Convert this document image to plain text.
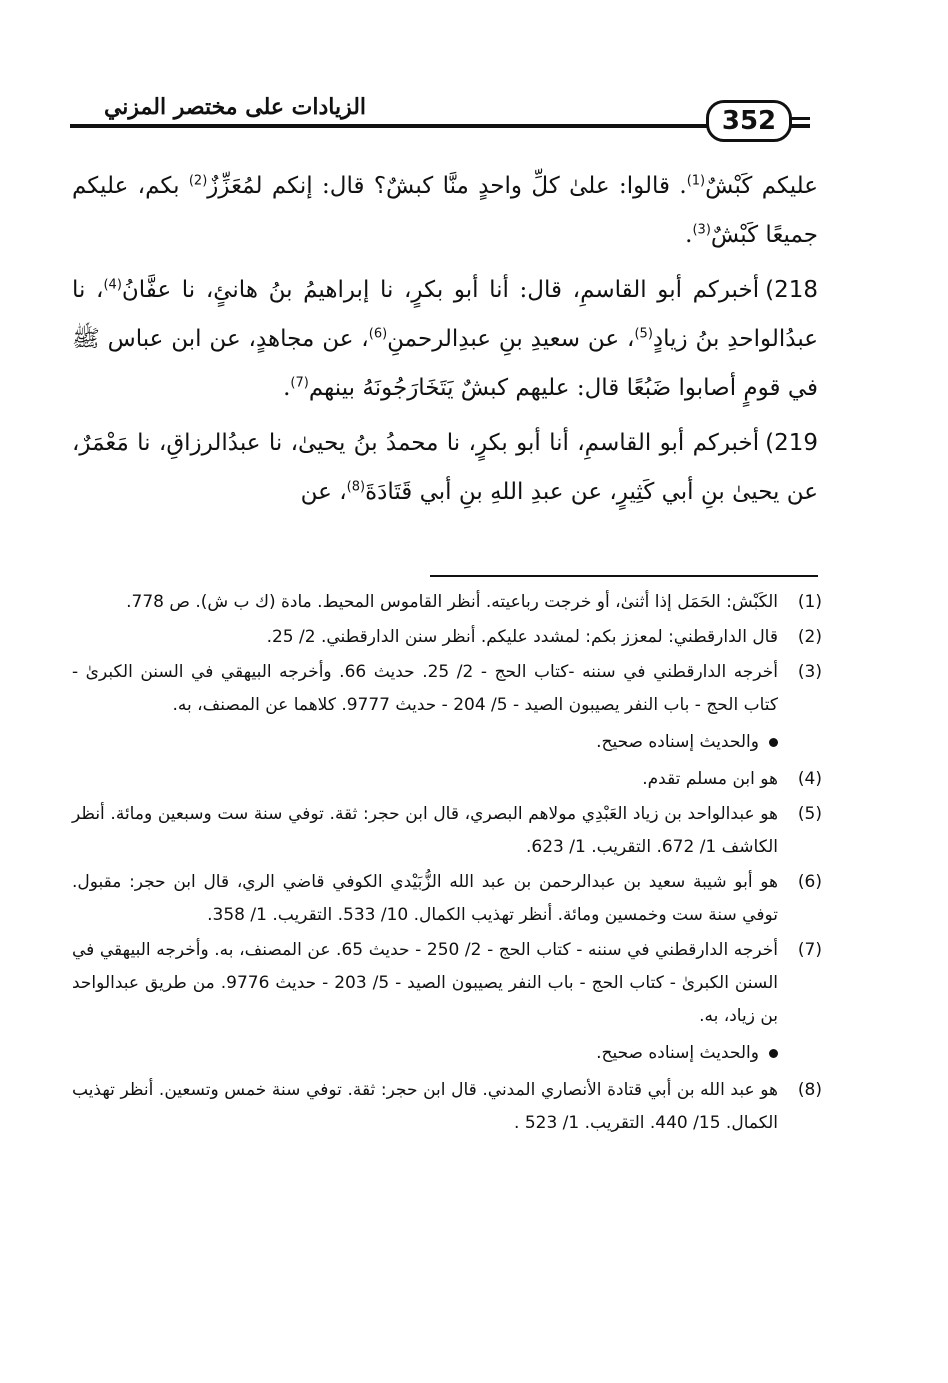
الزيادات على مختصر المزني	352

عليكم كَبْشٌ$^{(1)}$. قالوا: علىٰ كلِّ واحدٍ منَّا كبشٌ؟ قال: إنكم لمُعَزِّزٌ$^{(2)}$ بكم، عليكم جميعًا كَبْشٌ$^{(3)}$.

218)أخبركم أبو القاسمِ، قال: أنا أبو بكرٍ، نا إبراهيمُ بنُ هانئٍ، نا عفَّانُ$^{(4)}$، نا عبدُالواحدِ بنُ زيادٍ$^{(5)}$، عن سعيدِ بنِ عبدِالرحمنِ$^{(6)}$، عن مجاهدٍ، عن ابن عباس ﷺ في قومٍ أصابوا ضَبُعًا قال: عليهم كبشٌ يَتَخَارَجُونَهُ بينهم$^{(7)}$.

219)أخبركم أبو القاسمِ، أنا أبو بكرٍ، نا محمدُ بنُ يحيىٰ، نا عبدُالرزاقِ، نا مَعْمَرٌ، عن يحيىٰ بنِ أبي كَثِيرٍ، عن عبدِ اللهِ بنِ أبي قَتَادَةَ$^{(8)}$، عن

(1)
الكَبْش: الحَمَل إذا أثنىٰ، أو خرجت رباعيته. أنظر القاموس المحيط. مادة (ك ب ش). ص 778.
(2)
قال الدارقطني: لمعزز بكم: لمشدد عليكم. أنظر سنن الدارقطني. 2/ 25.
(3)
أخرجه الدارقطني في سننه -كتاب الحج - 2/ 25. حديث 66. وأخرجه البيهقي في السنن الكبرىٰ - كتاب الحج - باب النفر يصيبون الصيد - 5/ 204 - حديث 9777. كلاهما عن المصنف، به.
والحديث إسناده صحيح.
(4)
هو ابن مسلم تقدم.
(5)
هو عبدالواحد بن زياد العَبْدِي مولاهم البصري، قال ابن حجر: ثقة. توفي سنة ست وسبعين ومائة. أنظر الكاشف 1/ 672. التقريب. 1/ 623.
(6)
هو أبو شيبة سعيد بن عبدالرحمن بن عبد الله الزُّبَيْدي الكوفي قاضي الري، قال ابن حجر: مقبول. توفي سنة ست وخمسين ومائة. أنظر تهذيب الكمال. 10/ 533. التقريب. 1/ 358.
(7)
أخرجه الدارقطني في سننه - كتاب الحج - 2/ 250 - حديث 65. عن المصنف، به. وأخرجه البيهقي في السنن الكبرىٰ - كتاب الحج - باب النفر يصيبون الصيد - 5/ 203 - حديث 9776. من طريق عبدالواحد بن زياد، به.
والحديث إسناده صحيح.
(8)
هو عبد الله بن أبي قتادة الأنصاري المدني. قال ابن حجر: ثقة. توفي سنة خمس وتسعين. أنظر تهذيب الكمال. 15/ 440. التقريب. 1/ 523 .
